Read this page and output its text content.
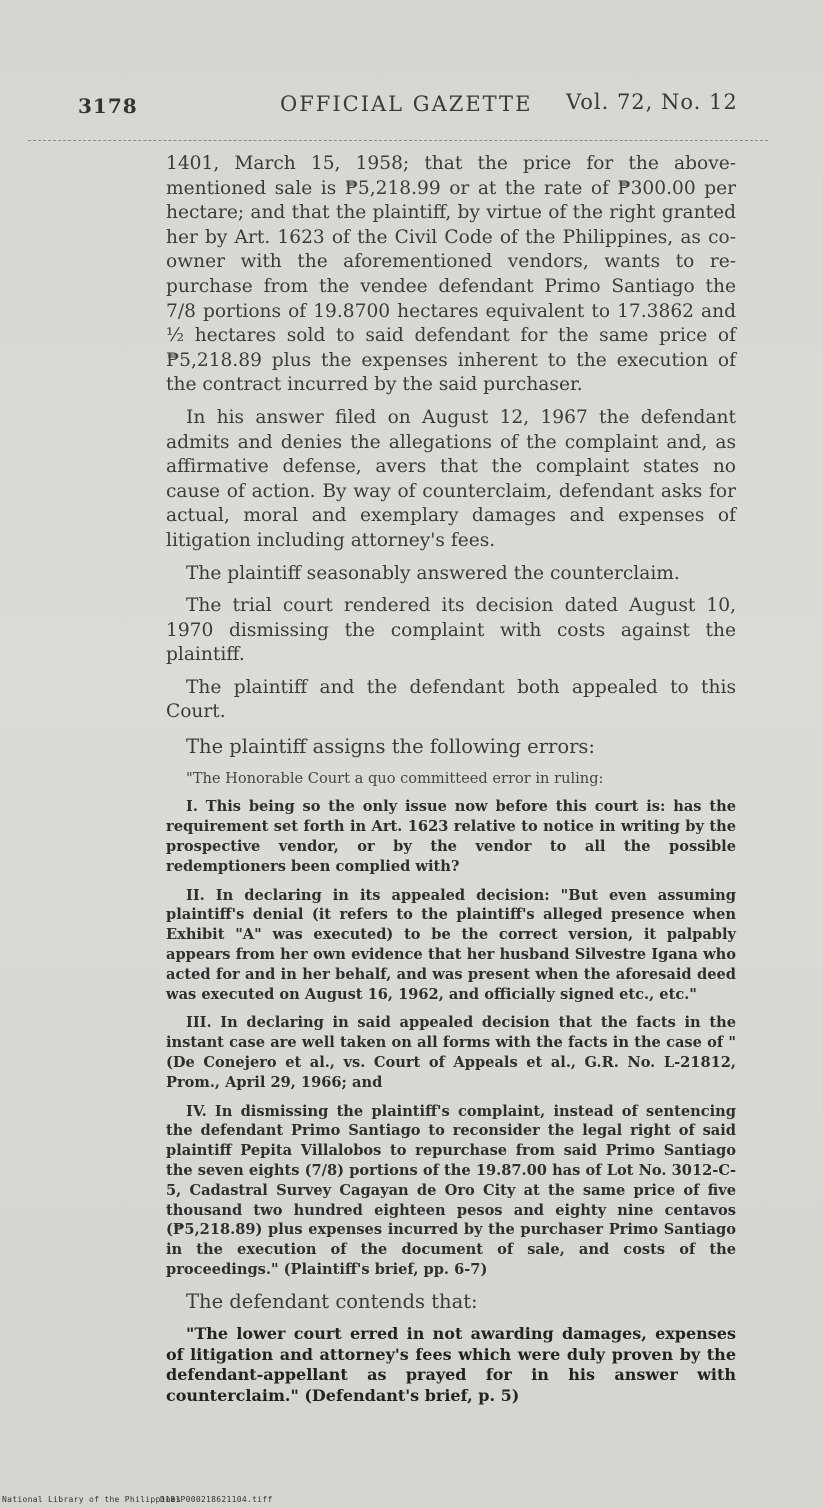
3178	OFFICIAL GAZETTE Vol. 72, No. 12

1401, March 15, 1958; that the price for the above-mentioned sale is ₱5,218.99 or at the rate of ₱300.00 per hectare; and that the plaintiff, by virtue of the right granted her by Art. 1623 of the Civil Code of the Philippines, as co-owner with the aforementioned vendors, wants to re-purchase from the vendee defendant Primo Santiago the 7/8 portions of 19.8700 hectares equivalent to 17.3862 and ½ hectares sold to said defendant for the same price of ₱5,218.89 plus the expenses inherent to the execution of the contract incurred by the said purchaser.

In his answer filed on August 12, 1967 the defendant admits and denies the allegations of the complaint and, as affirmative defense, avers that the complaint states no cause of action. By way of counterclaim, defendant asks for actual, moral and exemplary damages and expenses of litigation including attorney's fees.

The plaintiff seasonably answered the counterclaim.

The trial court rendered its decision dated August 10, 1970 dismissing the complaint with costs against the plaintiff.

The plaintiff and the defendant both appealed to this Court.

The plaintiff assigns the following errors:

"The Honorable Court a quo committeed error in ruling:

I. This being so the only issue now before this court is: has the requirement set forth in Art. 1623 relative to notice in writing by the prospective vendor, or by the vendor to all the possible redemptioners been complied with?

II. In declaring in its appealed decision: "But even assuming plaintiff's denial (it refers to the plaintiff's alleged presence when Exhibit "A" was executed) to be the correct version, it palpably appears from her own evidence that her husband Silvestre Igana who acted for and in her behalf, and was present when the aforesaid deed was executed on August 16, 1962, and officially signed etc., etc."

III. In declaring in said appealed decision that the facts in the instant case are well taken on all forms with the facts in the case of "(De Conejero et al., vs. Court of Appeals et al., G.R. No. L-21812, Prom., April 29, 1966; and

IV. In dismissing the plaintiff's complaint, instead of sentencing the defendant Primo Santiago to reconsider the legal right of said plaintiff Pepita Villalobos to repurchase from said Primo Santiago the seven eights (7/8) portions of the 19.87.00 has of Lot No. 3012-C-5, Cadastral Survey Cagayan de Oro City at the same price of five thousand two hundred eighteen pesos and eighty nine centavos (₱5,218.89) plus expenses incurred by the purchaser Primo Santiago in the execution of the document of sale, and costs of the proceedings." (Plaintiff's brief, pp. 6-7)

The defendant contends that:

"The lower court erred in not awarding damages, expenses of litigation and attorney's fees which were duly proven by the defendant-appellant as prayed for in his answer with counterclaim." (Defendant's brief, p. 5)

National Library of the Philippines
D181P000218621104.tiff
